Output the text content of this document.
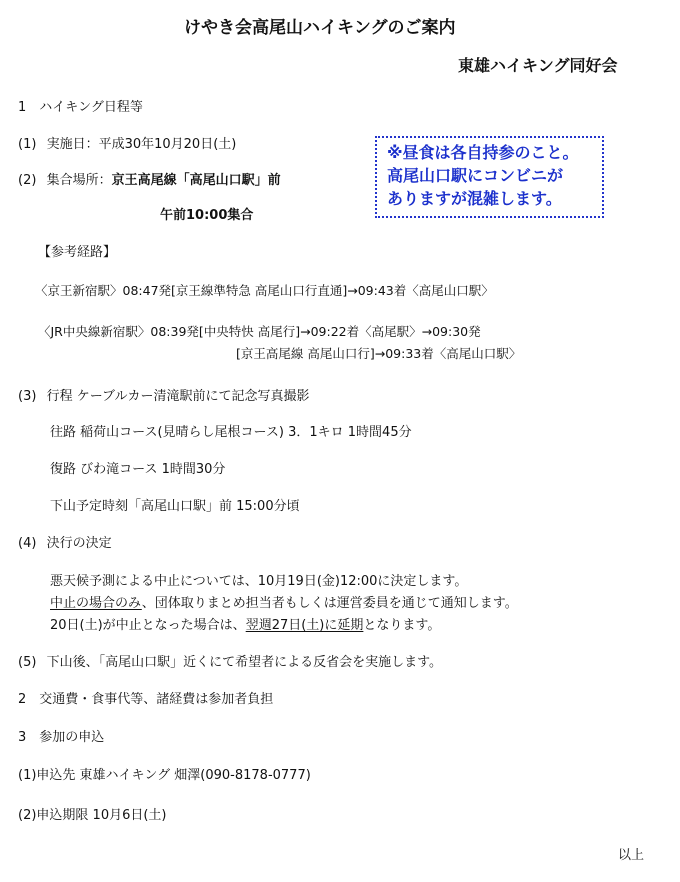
けやき会高尾山ハイキングのご案内
東雄ハイキング同好会
1　ハイキング日程等
(1) 実施日：平成30年10月20日(土)
(2) 集合場所：京王高尾線「高尾山口駅」前
午前10:00集合
【参考経路】
〈京王新宿駅〉08:47発[京王線準特急 高尾山口行直通]→09:43着〈高尾山口駅〉
〈JR中央線新宿駅〉08:39発[中央特快 高尾行]→09:22着〈高尾駅〉→09:30発
[京王高尾線 高尾山口行]→09:33着〈高尾山口駅〉
(3) 行程 ケーブルカー清滝駅前にて記念写真撮影
往路 稲荷山コース(見晴らし尾根コース) 3．1キロ 1時間45分
復路 びわ滝コース 1時間30分
下山予定時刻「高尾山口駅」前 15:00分頃
(4) 決行の決定
悪天候予測による中止については、10月19日(金)12:00に決定します。
中止の場合のみ、団体取りまとめ担当者もしくは運営委員を通じて通知します。
20日(土)が中止となった場合は、翌週27日(土)に延期となります。
(5) 下山後、「高尾山口駅」近くにて希望者による反省会を実施します。
2　交通費・食事代等、諸経費は参加者負担
3　参加の申込
(1)申込先 東雄ハイキング 畑澤(090-8178-0777)
(2)申込期限 10月6日(土)
以上
※昼食は各自持参のこと。
高尾山口駅にコンビニが
ありますが混雑します。
